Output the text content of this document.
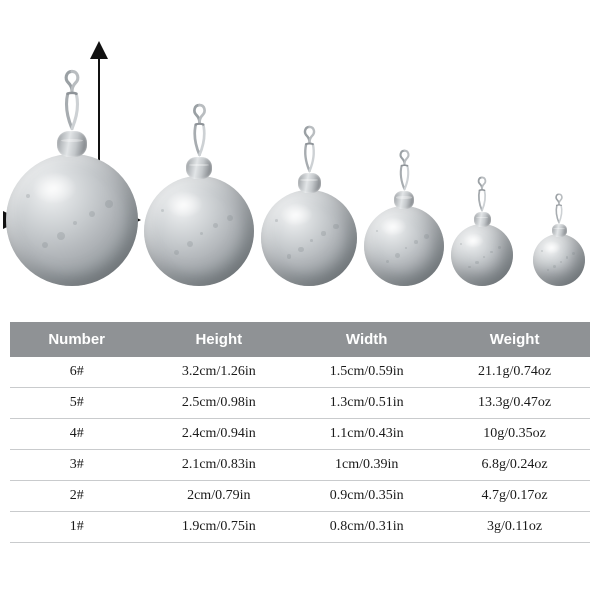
Number	Height	Width	Weight
6#	3.2cm/1.26in	1.5cm/0.59in	21.1g/0.74oz
5#	2.5cm/0.98in	1.3cm/0.51in	13.3g/0.47oz
4#	2.4cm/0.94in	1.1cm/0.43in	10g/0.35oz
3#	2.1cm/0.83in	1cm/0.39in	6.8g/0.24oz
2#	2cm/0.79in	0.9cm/0.35in	4.7g/0.17oz
1#	1.9cm/0.75in	0.8cm/0.31in	3g/0.11oz
